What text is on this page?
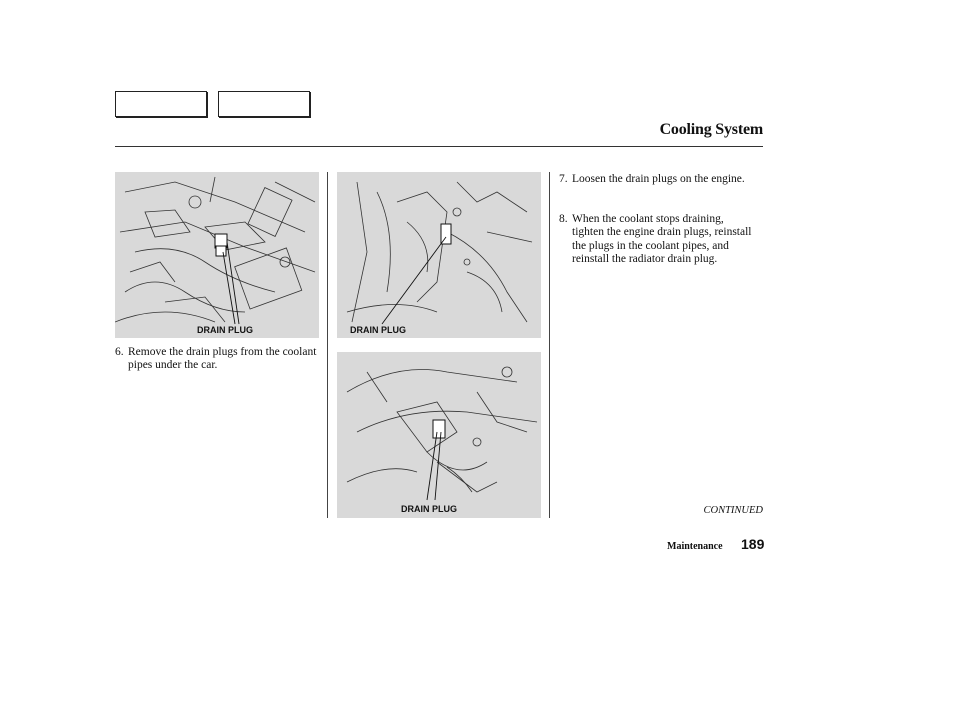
Cooling System
DRAIN PLUG	DRAIN PLUG
DRAIN PLUG
6. Remove the drain plugs from the coolant pipes under the car.
7. Loosen the drain plugs on the engine.
8. When the coolant stops draining, tighten the engine drain plugs, reinstall the plugs in the coolant pipes, and reinstall the radiator drain plug.
CONTINUED
Maintenance 189
